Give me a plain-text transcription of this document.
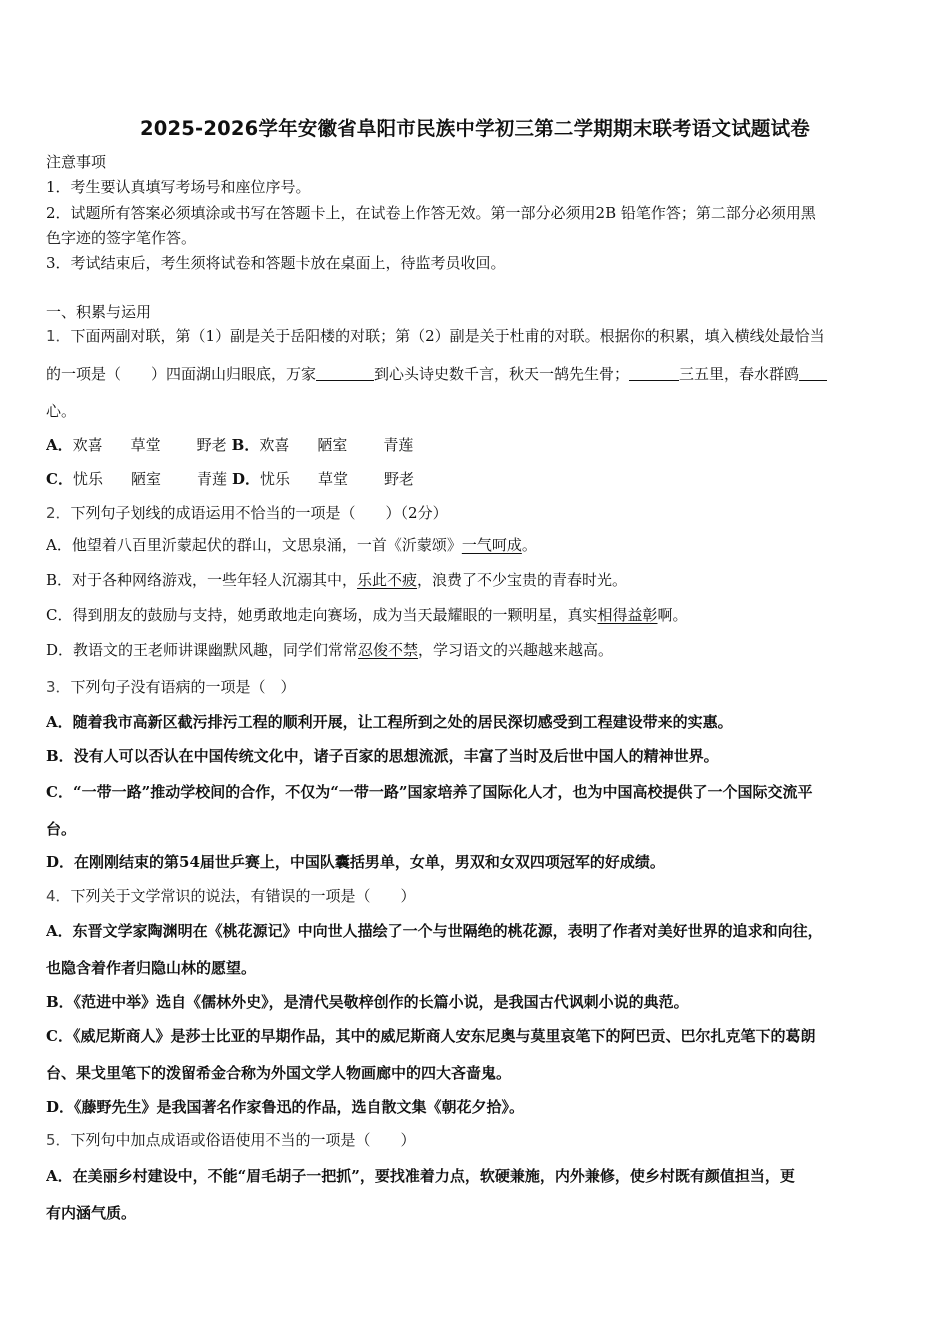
2025-2026学年安徽省阜阳市民族中学初三第二学期期末联考语文试题试卷
注意事项
1．考生要认真填写考场号和座位序号。
2．试题所有答案必须填涂或书写在答题卡上，在试卷上作答无效。第一部分必须用2B 铅笔作答；第二部分必须用黑
色字迹的签字笔作答。
3．考试结束后，考生须将试卷和答题卡放在桌面上，待监考员收回。
一、积累与运用
1．下面两副对联，第（1）副是关于岳阳楼的对联；第（2）副是关于杜甫的对联。根据你的积累，填入横线处最恰当
的一项是（　　）四面湖山归眼底，万家	到心头诗史数千言，秋天一鹄先生骨；	三五里，春水群鸥
心。
A．欢喜 草堂 野老 B．欢喜 陋室 青莲
C．忧乐 陋室 青莲 D．忧乐 草堂 野老
2．下列句子划线的成语运用不恰当的一项是（　　）（2分）
A．他望着八百里沂蒙起伏的群山，文思泉涌，一首《沂蒙颂》一气呵成。
B．对于各种网络游戏，一些年轻人沉溺其中，乐此不疲，浪费了不少宝贵的青春时光。
C．得到朋友的鼓励与支持，她勇敢地走向赛场，成为当天最耀眼的一颗明星，真实相得益彰啊。
D．教语文的王老师讲课幽默风趣，同学们常常忍俊不禁，学习语文的兴趣越来越高。
3．下列句子没有语病的一项是（　）
A．随着我市高新区截污排污工程的顺利开展，让工程所到之处的居民深切感受到工程建设带来的实惠。
B．没有人可以否认在中国传统文化中，诸子百家的思想流派，丰富了当时及后世中国人的精神世界。
C．“一带一路”推动学校间的合作，不仅为“一带一路”国家培养了国际化人才，也为中国高校提供了一个国际交流平
台。
D．在刚刚结束的第54届世乒赛上，中国队囊括男单，女单，男双和女双四项冠军的好成绩。
4．下列关于文学常识的说法，有错误的一项是（　　）
A．东晋文学家陶渊明在《桃花源记》中向世人描绘了一个与世隔绝的桃花源，表明了作者对美好世界的追求和向往，
也隐含着作者归隐山林的愿望。
B．《范进中举》选自《儒林外史》，是清代吴敬梓创作的长篇小说，是我国古代讽刺小说的典范。
C．《威尼斯商人》是莎士比亚的早期作品，其中的威尼斯商人安东尼奥与莫里哀笔下的阿巴贡、巴尔扎克笔下的葛朗
台、果戈里笔下的泼留希金合称为外国文学人物画廊中的四大吝啬鬼。
D．《藤野先生》是我国著名作家鲁迅的作品，选自散文集《朝花夕拾》。
5．下列句中加点成语或俗语使用不当的一项是（　　）
A．在美丽乡村建设中，不能“眉毛胡子一把抓”，要找准着力点，软硬兼施，内外兼修，使乡村既有颜值担当，更
有内涵气质。
